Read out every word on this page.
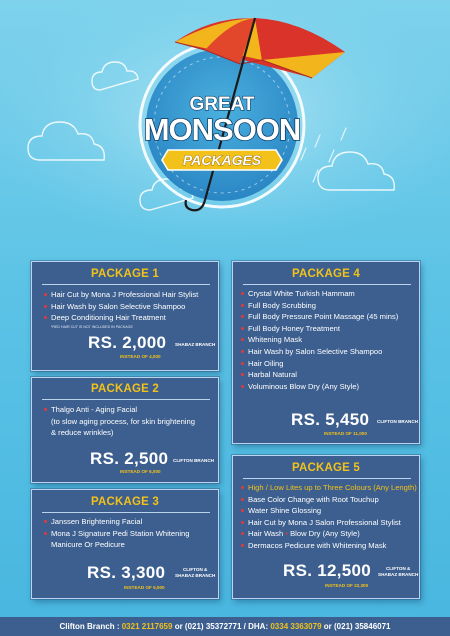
GREAT
MONSOON
PACKAGES
PACKAGE 1
Hair Cut by Mona J Professional Hair Stylist
Hair Wash by Salon Selective Shampoo
Deep Conditioning Hair Treatment
*RED HAIR CUT IS NOT INCLUDED IN PACKAGE
RS. 2,000 SHABAZ BRANCH
INSTEAD OF 4,000
PACKAGE 2
Thalgo Anti - Aging Facial
(to slow aging process, for skin brightening
& reduce wrinkles)
RS. 2,500 CLIFTON BRANCH
INSTEAD OF 6,000
PACKAGE 3
Janssen Brightening Facial
Mona J Signature Pedi Station Whitening
Manicure Or Pedicure
RS. 3,300	CLIFTON &
SHABAZ BRANCH
INSTEAD OF 5,500
PACKAGE 4
Crystal White Turkish Hammam
Full Body Scrubbing
Full Body Pressure Point Massage (45 mins)
Full Body Honey Treatment
Whitening Mask
Hair Wash by Salon Selective Shampoo
Hair Oiling
Harbal Natural
Voluminous Blow Dry (Any Style)
RS. 5,450 CLIFTON BRANCH
INSTEAD OF 11,000
PACKAGE 5
High / Low Lites up to Three Colours (Any Length)
Base Color Change with Root Touchup
Water Shine Glossing
Hair Cut by Mona J Salon Professional Stylist
Hair Wash • Blow Dry (Any Style)
Dermacos Pedicure with Whitening Mask
RS. 12,500	CLIFTON &
SHABAZ BRANCH
INSTEAD OF 22,300
Clifton Branch : 0321 2117659 or (021) 35372771 / DHA: 0334 3363079 or (021) 35846071
